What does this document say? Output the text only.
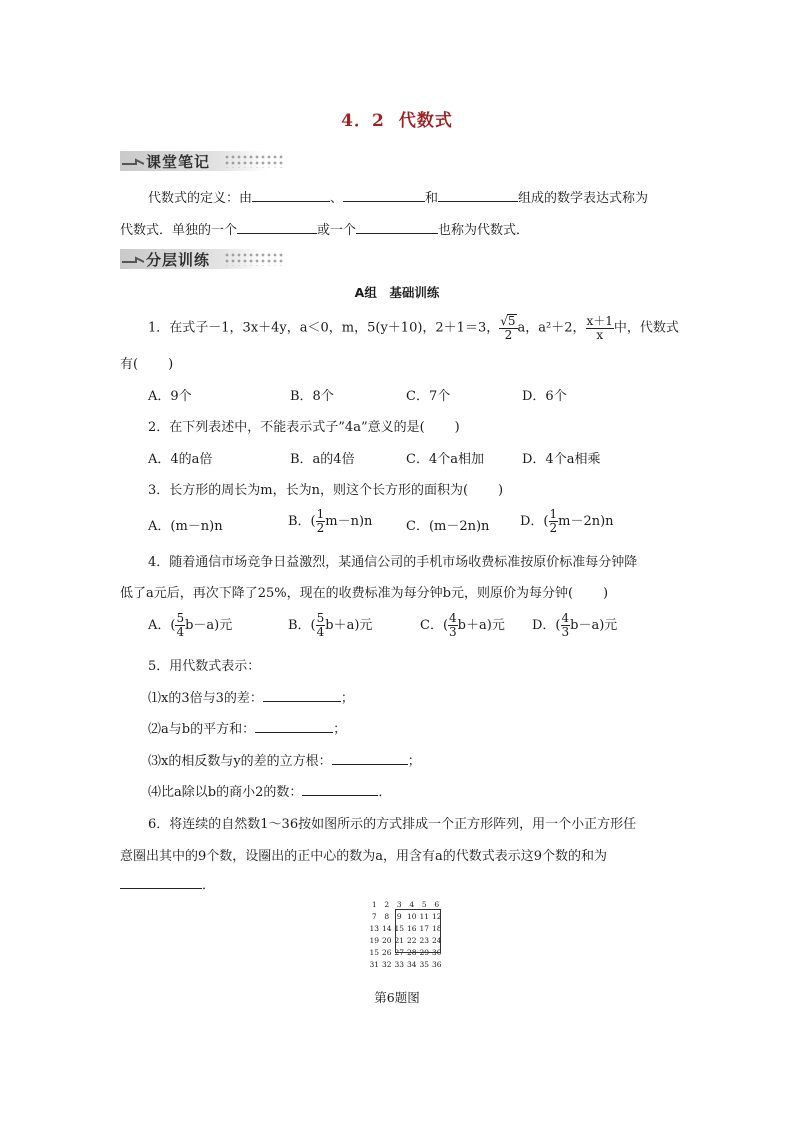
4．2 代数式
课堂笔记
代数式的定义：由	、	和	组成的数学表达式称为
代数式．单独的一个	或一个	也称为代数式．
分层训练
A组　基础训练
1．在式子－1，3x＋4y，a＜0，m，5(y＋10)，2＋1＝3， $\frac{√5}{2}$ a，a²＋2， $\frac{x+1}{x}$ 中，代数式
有( )
A．9个	B．8个	C．7个	D．6个
2．在下列表述中，不能表示式子”4a”意义的是( )
A．4的a倍	B．a的4倍	C．4个a相加	D．4个a相乘
3．长方形的周长为m，长为n，则这个长方形的面积为( )
A．(m－n)n	B．( $\frac{1}{2} m-n)n$	C．(m－2n)n D．( $\frac{1}{2} m-2n)n$
4．随着通信市场竞争日益激烈，某通信公司的手机市场收费标准按原价标准每分钟降
低了a元后，再次下降了25%，现在的收费标准为每分钟b元，则原价为每分钟( )
A．( $\frac{5}{4} b-a$)元	B．( $\frac{5}{4} b+a$)元	C．( $\frac{4}{3} b+a$)元 D．( $\frac{4}{3} b-a$)元
5．用代数式表示：
⑴x的3倍与3的差：	；
⑵a与b的平方和：	；
⑶x的相反数与y的差的立方根：	；
⑷比a除以b的商小2的数：	．
6．将连续的自然数1～36按如图所示的方式排成一个正方形阵列，用一个小正方形任
意圈出其中的9个数，设圈出的正中心的数为a，用含有a的代数式表示这9个数的和为
．
1	2	3	4	5	6
7	8	9	10	11	12
13	14	15	16	17	18
19	20	21	22	23	24
15	26	27	28	29	30
31	32	33	34	35	36
第6题图
